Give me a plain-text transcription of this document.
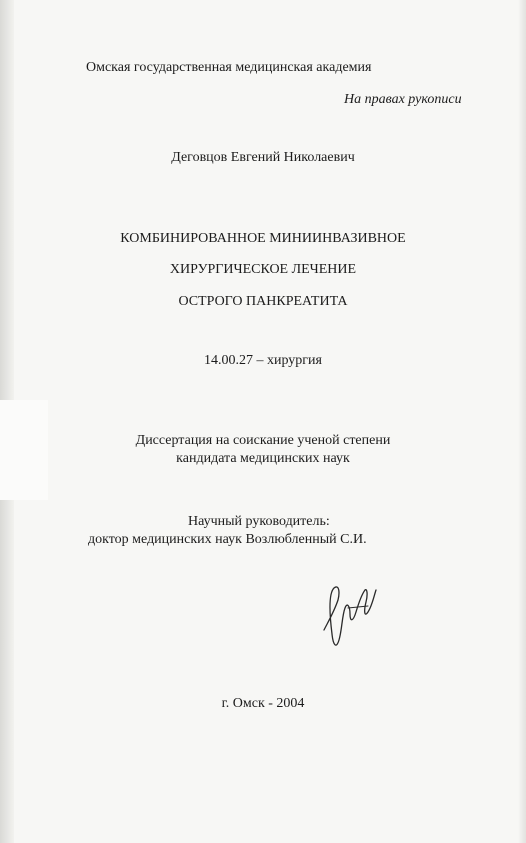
Омская государственная медицинская академия
На правах рукописи
Деговцов Евгений Николаевич
КОМБИНИРОВАННОЕ МИНИИНВАЗИВНОЕ
ХИРУРГИЧЕСКОЕ ЛЕЧЕНИЕ
ОСТРОГО ПАНКРЕАТИТА
14.00.27 – хирургия
Диссертация на соискание ученой степени
кандидата медицинских наук
Научный руководитель:
доктор медицинских наук Возлюбленный С.И.
г. Омск - 2004
